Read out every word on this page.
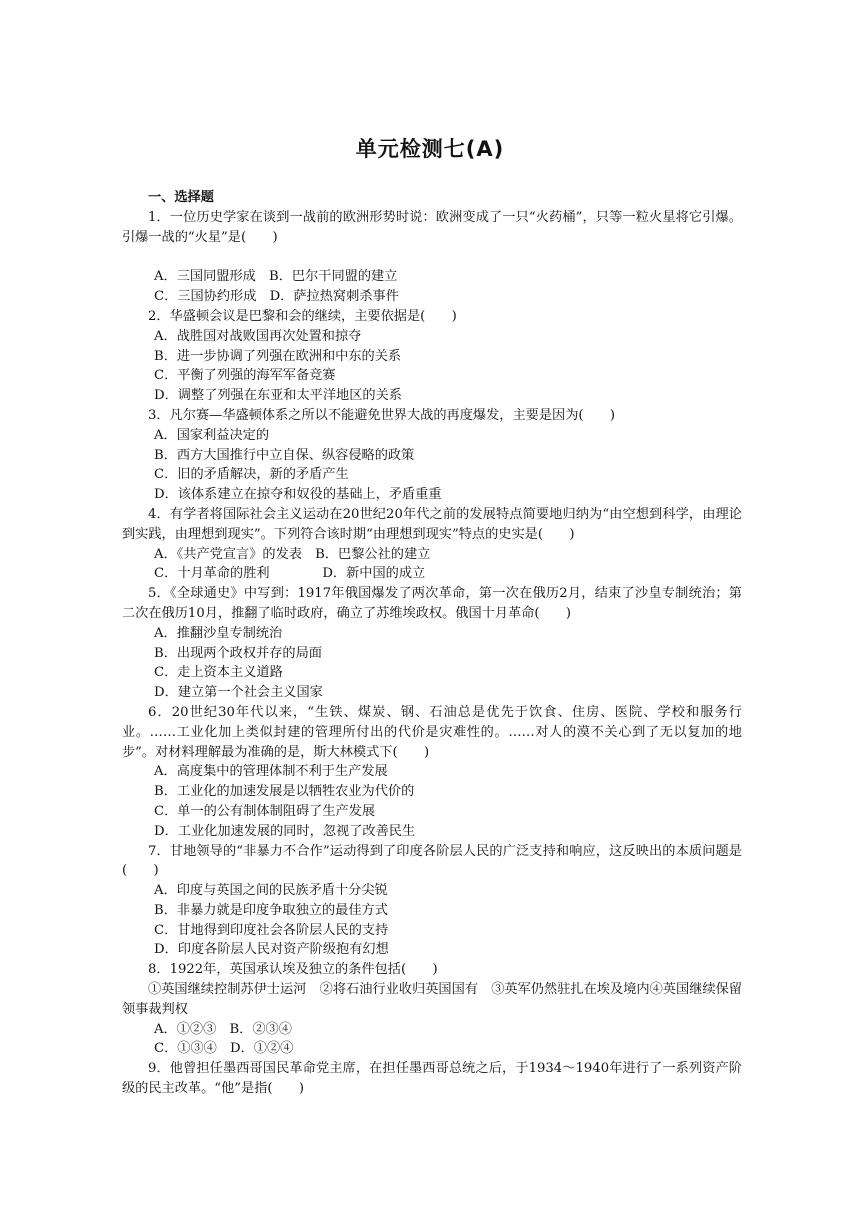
单元检测七(A)

一、选择题

1．一位历史学家在谈到一战前的欧洲形势时说：欧洲变成了一只“火药桶”，只等一粒火星将它引爆。引爆一战的“火星”是(　　)

A．三国同盟形成　B．巴尔干同盟的建立

C．三国协约形成　D．萨拉热窝刺杀事件

2．华盛顿会议是巴黎和会的继续，主要依据是(　　)

A．战胜国对战败国再次处置和掠夺

B．进一步协调了列强在欧洲和中东的关系

C．平衡了列强的海军军备竞赛

D．调整了列强在东亚和太平洋地区的关系

3．凡尔赛—华盛顿体系之所以不能避免世界大战的再度爆发，主要是因为(　　)

A．国家利益决定的

B．西方大国推行中立自保、纵容侵略的政策

C．旧的矛盾解决，新的矛盾产生

D．该体系建立在掠夺和奴役的基础上，矛盾重重

4．有学者将国际社会主义运动在20世纪20年代之前的发展特点简要地归纳为“由空想到科学，由理论到实践，由理想到现实”。下列符合该时期“由理想到现实”特点的史实是(　　)

A．《共产党宣言》的发表　B．巴黎公社的建立

C．十月革命的胜利　　　　D．新中国的成立

5．《全球通史》中写到：1917年俄国爆发了两次革命，第一次在俄历2月，结束了沙皇专制统治；第二次在俄历10月，推翻了临时政府，确立了苏维埃政权。俄国十月革命(　　)

A．推翻沙皇专制统治

B．出现两个政权并存的局面

C．走上资本主义道路

D．建立第一个社会主义国家

6．20世纪30年代以来，“生铁、煤炭、钢、石油总是优先于饮食、住房、医院、学校和服务行业。……工业化加上类似封建的管理所付出的代价是灾难性的。……对人的漠不关心到了无以复加的地步”。对材料理解最为准确的是，斯大林模式下(　　)

A．高度集中的管理体制不利于生产发展

B．工业化的加速发展是以牺牲农业为代价的

C．单一的公有制体制阻碍了生产发展

D．工业化加速发展的同时，忽视了改善民生

7．甘地领导的“非暴力不合作”运动得到了印度各阶层人民的广泛支持和响应，这反映出的本质问题是(　　)

A．印度与英国之间的民族矛盾十分尖锐

B．非暴力就是印度争取独立的最佳方式

C．甘地得到印度社会各阶层人民的支持

D．印度各阶层人民对资产阶级抱有幻想

8．1922年，英国承认埃及独立的条件包括(　　)

①英国继续控制苏伊士运河　②将石油行业收归英国国有　③英军仍然驻扎在埃及境内④英国继续保留领事裁判权

A．①②③　B．②③④

C．①③④　D．①②④

9．他曾担任墨西哥国民革命党主席，在担任墨西哥总统之后，于1934～1940年进行了一系列资产阶级的民主改革。“他”是指(　　)
